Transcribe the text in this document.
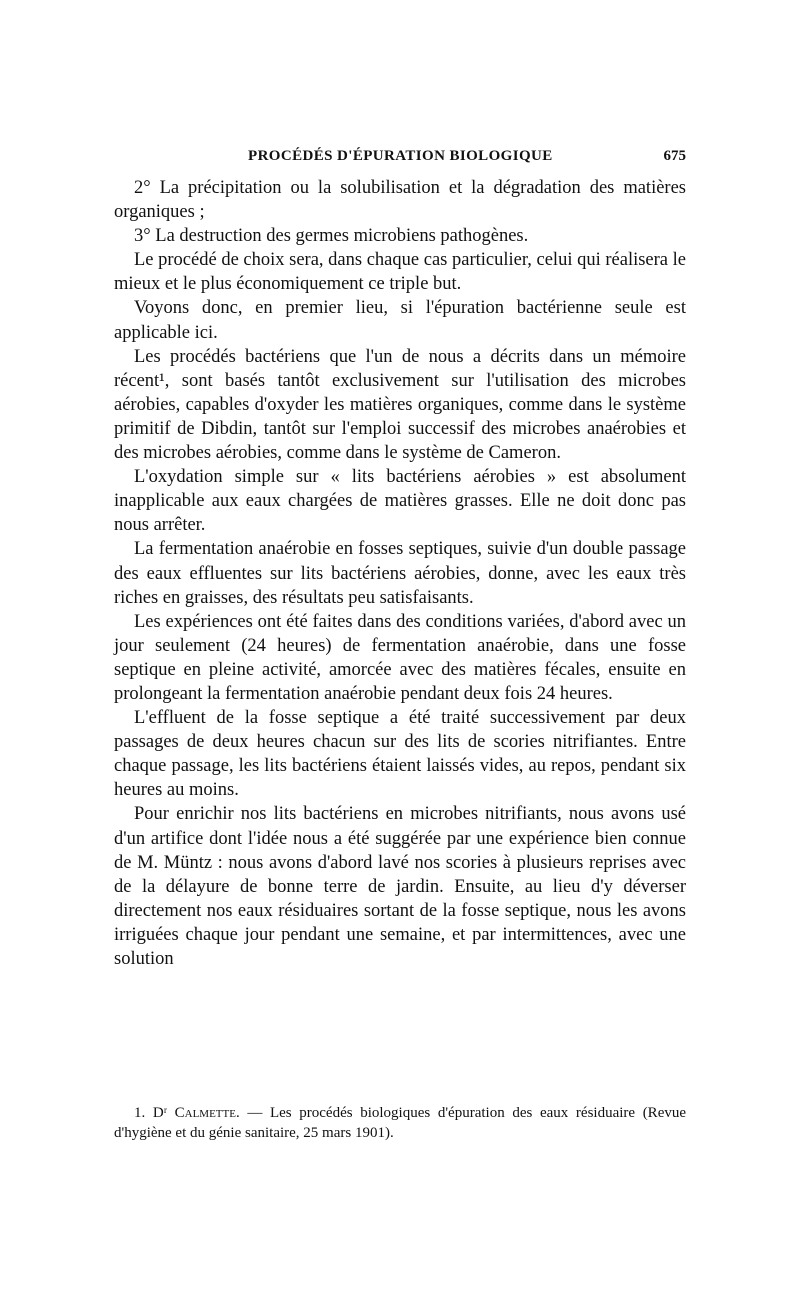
PROCÉDÉS D'ÉPURATION BIOLOGIQUE	675

2° La précipitation ou la solubilisation et la dégradation des matières organiques ;

3° La destruction des germes microbiens pathogènes.

Le procédé de choix sera, dans chaque cas particulier, celui qui réalisera le mieux et le plus économiquement ce triple but.

Voyons donc, en premier lieu, si l'épuration bactérienne seule est applicable ici.

Les procédés bactériens que l'un de nous a décrits dans un mémoire récent¹, sont basés tantôt exclusivement sur l'utilisation des microbes aérobies, capables d'oxyder les matières organiques, comme dans le système primitif de Dibdin, tantôt sur l'emploi successif des microbes anaérobies et des microbes aérobies, comme dans le système de Cameron.

L'oxydation simple sur « lits bactériens aérobies » est absolument inapplicable aux eaux chargées de matières grasses. Elle ne doit donc pas nous arrêter.

La fermentation anaérobie en fosses septiques, suivie d'un double passage des eaux effluentes sur lits bactériens aérobies, donne, avec les eaux très riches en graisses, des résultats peu satisfaisants.

Les expériences ont été faites dans des conditions variées, d'abord avec un jour seulement (24 heures) de fermentation anaérobie, dans une fosse septique en pleine activité, amorcée avec des matières fécales, ensuite en prolongeant la fermentation anaérobie pendant deux fois 24 heures.

L'effluent de la fosse septique a été traité successivement par deux passages de deux heures chacun sur des lits de scories nitrifiantes. Entre chaque passage, les lits bactériens étaient laissés vides, au repos, pendant six heures au moins.

Pour enrichir nos lits bactériens en microbes nitrifiants, nous avons usé d'un artifice dont l'idée nous a été suggérée par une expérience bien connue de M. Müntz : nous avons d'abord lavé nos scories à plusieurs reprises avec de la délayure de bonne terre de jardin. Ensuite, au lieu d'y déverser directement nos eaux résiduaires sortant de la fosse septique, nous les avons irriguées chaque jour pendant une semaine, et par intermittences, avec une solution

1. Dʳ Calmette. — Les procédés biologiques d'épuration des eaux résiduaire (Revue d'hygiène et du génie sanitaire, 25 mars 1901).
